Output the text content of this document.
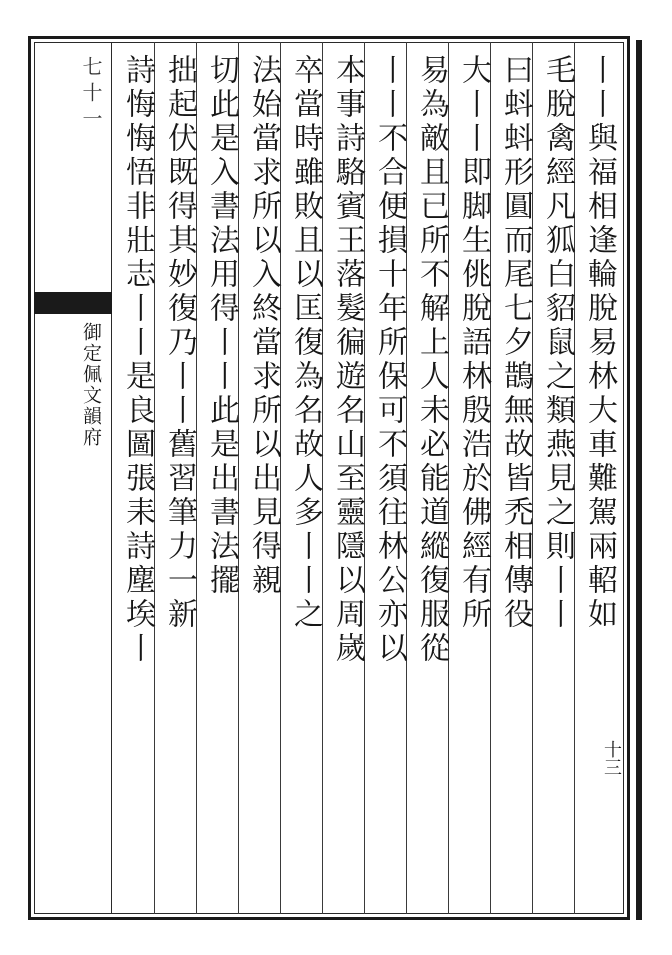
七十一
御定佩文韻府
十三
丨丨與福相逢輪脫易林大車難駕兩軺如
毛脫禽經凡狐白貂鼠之類燕見之則丨丨
曰蚪蚪形圓而尾七夕鵲無故皆禿相傳役
大丨丨即脚生佻脫語林殷浩於佛經有所
易為敵且已所不解上人未必能道縱復服從
丨丨不合便損十年所保可不須往林公亦以
本事詩駱賓王落髮徧遊名山至靈隱以周嵗
卒當時雖敗且以匡復為名故人多丨丨之
法始當求所以入終當求所以出見得親
切此是入書法用得丨丨此是出書法擺
拙起伏既得其妙復乃丨丨舊習筆力一新
詩悔悔悟非壯志丨丨是良圖張耒詩塵埃丨
